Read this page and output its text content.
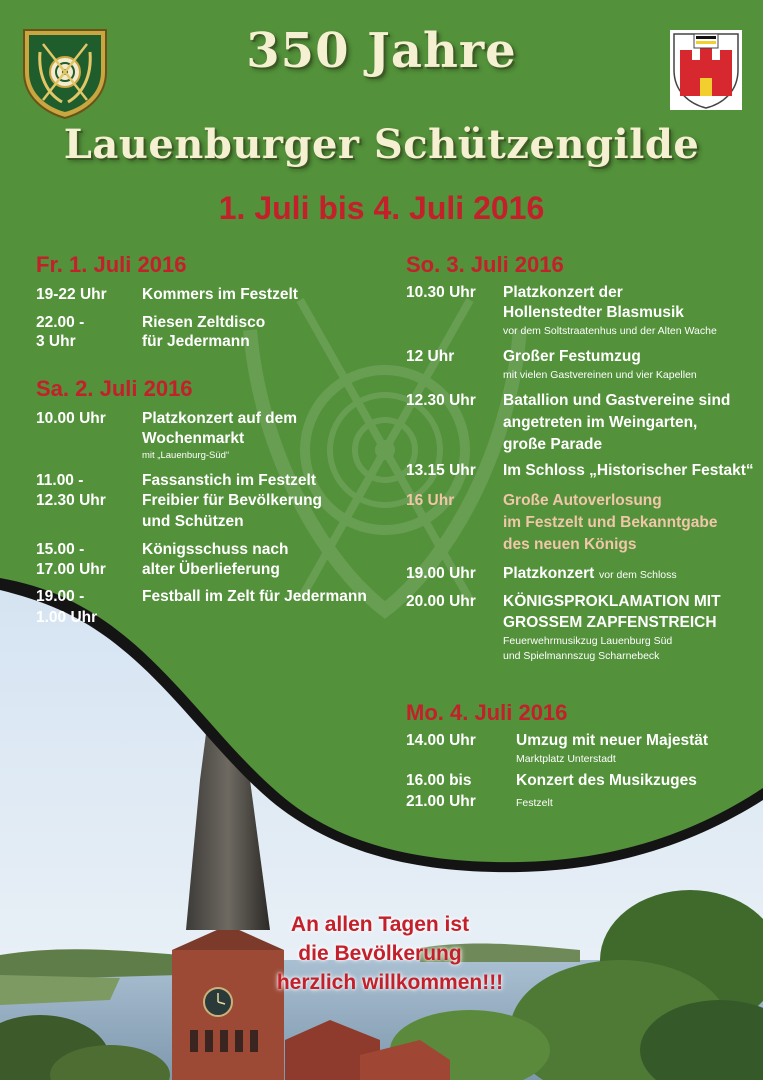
350 Jahre
Lauenburger Schützengilde
1. Juli bis 4. Juli 2016
Fr. 1. Juli 2016
19-22 Uhr Kommers im Festzelt
22.00 -
3 Uhr
Riesen Zeltdisco
für Jedermann
Sa. 2. Juli 2016
10.00 Uhr Platzkonzert auf dem
Wochenmarkt
mit „Lauenburg-Süd“
11.00 -
12.30 Uhr
Fassanstich im Festzelt
Freibier für Bevölkerung
und Schützen
15.00 -
17.00 Uhr
Königsschuss nach
alter Überlieferung
19.00 -
1.00 Uhr
Festball im Zelt für Jedermann
So. 3. Juli 2016
10.30 Uhr Platzkonzert der
Hollenstedter Blasmusik
vor dem Soltstraatenhus und der Alten Wache
12 Uhr	Großer Festumzug
mit vielen Gastvereinen und vier Kapellen
12.30 Uhr Batallion und Gastvereine sind
angetreten im Weingarten,
große Parade
13.15 Uhr Im Schloss „Historischer Festakt“
16 Uhr	Große Autoverlosung
im Festzelt und Bekanntgabe
des neuen Königs
19.00 Uhr Platzkonzert vor dem Schloss
20.00 Uhr KÖNIGSPROKLAMATION MIT
GROSSEM ZAPFENSTREICH
Feuerwehrmusikzug Lauenburg Süd
und Spielmannszug Scharnebeck
Mo. 4. Juli 2016
14.00 Uhr	Umzug mit neuer Majestät
Marktplatz Unterstadt
16.00 bis
21.00 Uhr
Konzert des Musikzuges
Festzelt
An allen Tagen ist
die Bevölkerung
herzlich willkommen!!!
